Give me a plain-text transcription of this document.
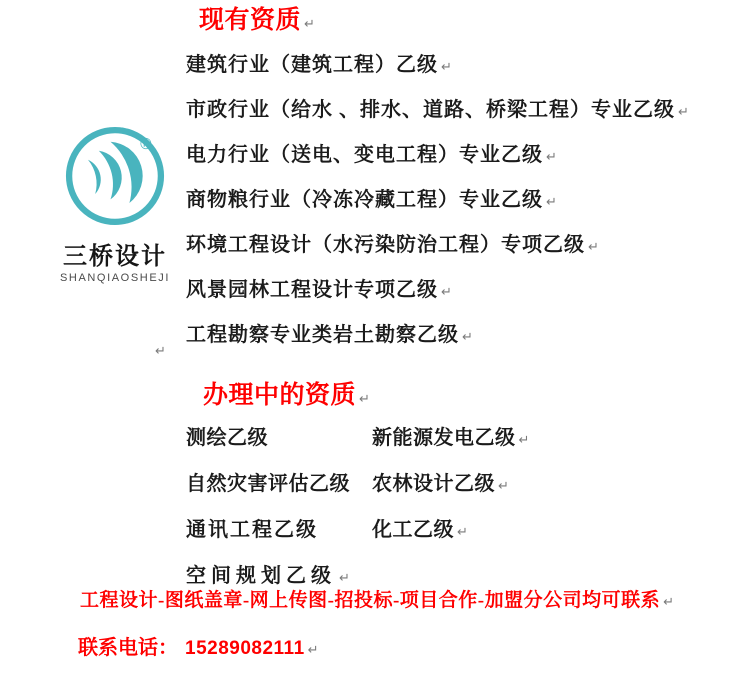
®
三桥设计
SHANQIAOSHEJI
现有资质 ↵
建筑行业（建筑工程）乙级 ↵
市政行业（给水 、排水、道路、桥梁工程）专业乙级 ↵
电力行业（送电、变电工程）专业乙级 ↵
商物粮行业（冷冻冷藏工程）专业乙级 ↵
环境工程设计（水污染防治工程）专项乙级 ↵
风景园林工程设计专项乙级 ↵
工程勘察专业类岩土勘察乙级 ↵
↵
办理中的资质 ↵
测绘乙级	新能源发电乙级 ↵
自然灾害评估乙级 农林设计乙级 ↵
通讯工程乙级	化工乙级 ↵
空间规划乙级 ↵
工程设计-图纸盖章-网上传图-招投标-项目合作-加盟分公司均可联系 ↵
联系电话： 15289082111 ↵
